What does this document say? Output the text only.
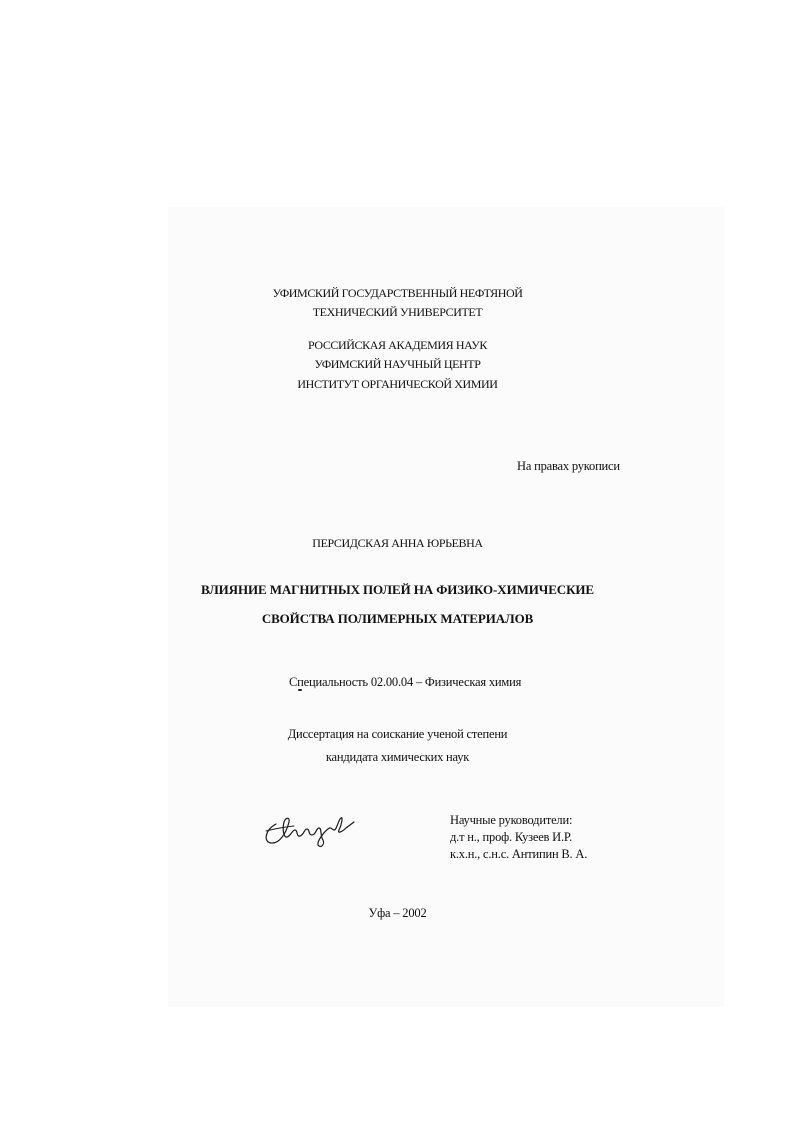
УФИМСКИЙ ГОСУДАРСТВЕННЫЙ НЕФТЯНОЙ
ТЕХНИЧЕСКИЙ УНИВЕРСИТЕТ
РОССИЙСКАЯ АКАДЕМИЯ НАУК
УФИМСКИЙ НАУЧНЫЙ ЦЕНТР
ИНСТИТУТ ОРГАНИЧЕСКОЙ ХИМИИ
На правах рукописи
ПЕРСИДСКАЯ АННА ЮРЬЕВНА
ВЛИЯНИЕ МАГНИТНЫХ ПОЛЕЙ НА ФИЗИКО-ХИМИЧЕСКИЕ
СВОЙСТВА ПОЛИМЕРНЫХ МАТЕРИАЛОВ
Специальность 02.00.04 – Физическая химия
Диссертация на соискание ученой степени
кандидата химических наук
Научные руководители:
д.т н., проф. Кузеев И.Р.
к.х.н., с.н.с. Антипин В. А.
Уфа – 2002
